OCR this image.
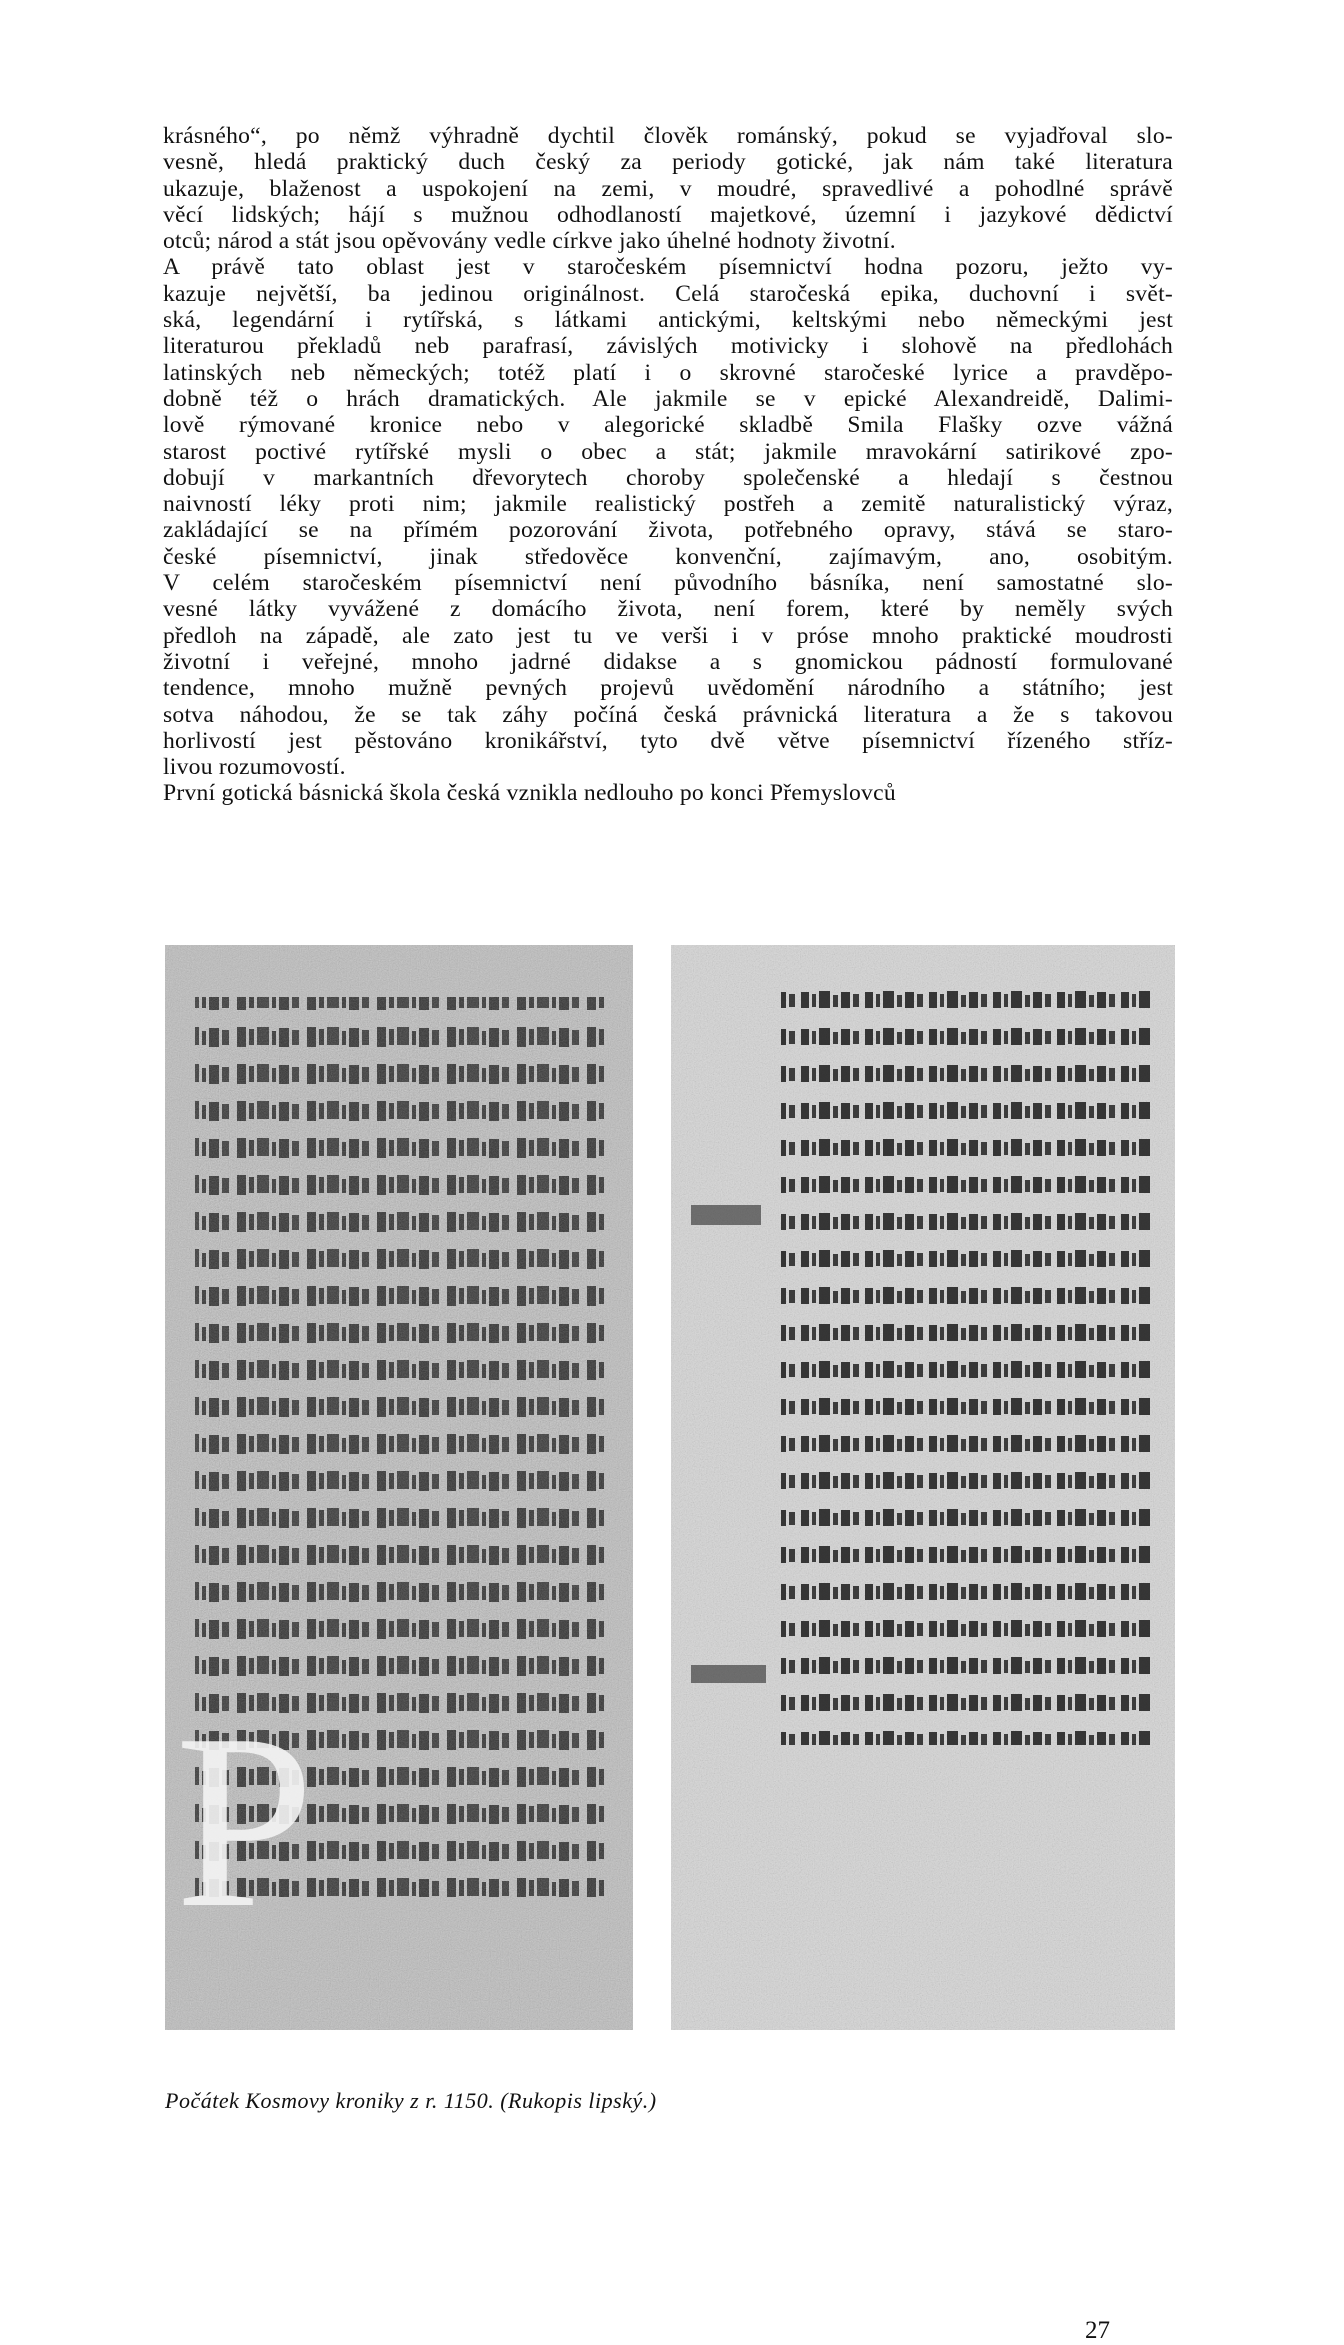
krásného“, po němž výhradně dychtil člověk románský, pokud se vyjadřoval slo-
vesně, hledá praktický duch český za periody gotické, jak nám také literatura
ukazuje, blaženost a uspokojení na zemi, v moudré, spravedlivé a pohodlné správě
věcí lidských; hájí s mužnou odhodlaností majetkové, územní i jazykové dědictví
otců; národ a stát jsou opěvovány vedle církve jako úhelné hodnoty životní.
A právě tato oblast jest v staročeském písemnictví hodna pozoru, ježto vy-
kazuje největší, ba jedinou originálnost. Celá staročeská epika, duchovní i svět-
ská, legendární i rytířská, s látkami antickými, keltskými nebo německými jest
literaturou překladů neb parafrasí, závislých motivicky i slohově na předlohách
latinských neb německých; totéž platí i o skrovné staročeské lyrice a pravděpo-
dobně též o hrách dramatických. Ale jakmile se v epické Alexandreidě, Dalimi-
lově rýmované kronice nebo v alegorické skladbě Smila Flašky ozve vážná
starost poctivé rytířské mysli o obec a stát; jakmile mravokární satirikové zpo-
dobují v markantních dřevorytech choroby společenské a hledají s čestnou
naivností léky proti nim; jakmile realistický postřeh a zemitě naturalistický výraz,
zakládající se na přímém pozorování života, potřebného opravy, stává se staro-
české písemnictví, jinak středověce konvenční, zajímavým, ano, osobitým.
V celém staročeském písemnictví není původního básníka, není samostatné slo-
vesné látky vyvážené z domácího života, není forem, které by neměly svých
předloh na západě, ale zato jest tu ve verši i v próse mnoho praktické moudrosti
životní i veřejné, mnoho jadrné didakse a s gnomickou pádností formulované
tendence, mnoho mužně pevných projevů uvědomění národního a státního; jest
sotva náhodou, že se tak záhy počíná česká právnická literatura a že s takovou
horlivostí jest pěstováno kronikářství, tyto dvě větve písemnictví řízeného stříz-
livou rozumovostí.
První gotická básnická škola česká vznikla nedlouho po konci Přemyslovců
P
Počátek Kosmovy kroniky z r. 1150. (Rukopis lipský.)
27
